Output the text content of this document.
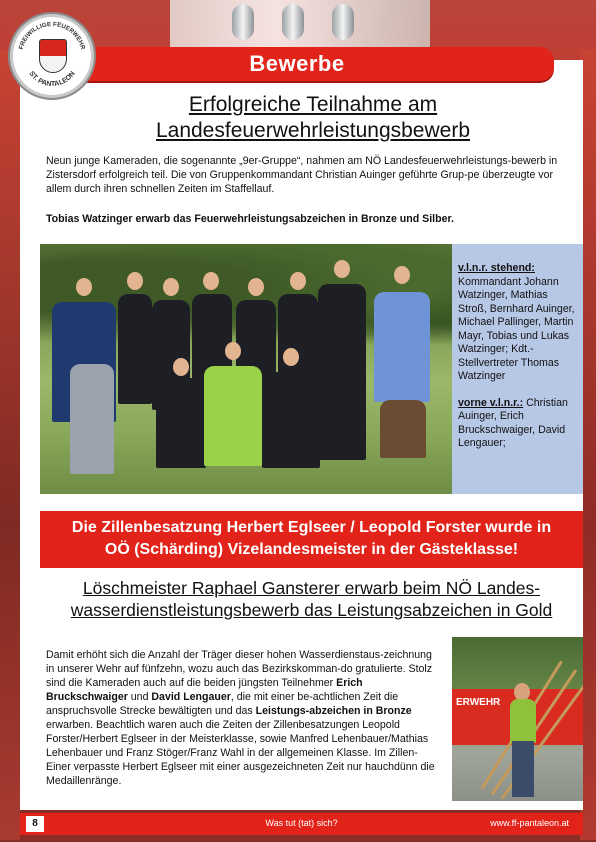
Bewerbe
FREIWILLIGE FEUERWEHR
ST. PANTALEON
Erfolgreiche Teilnahme am
Landesfeuerwehrleistungsbewerb

Neun junge Kameraden, die sogenannte „9er-Gruppe“, nahmen am NÖ Landesfeuerwehrleistungs-bewerb in Zistersdorf erfolgreich teil. Die von Gruppenkommandant Christian Auinger geführte Grup-pe überzeugte vor allem durch ihren schnellen Zeiten im Staffellauf.

Tobias Watzinger erwarb das Feuerwehrleistungsabzeichen in Bronze und Silber.

v.l.n.r. stehend: Kommandant Johann Watzinger, Mathias Stroß, Bernhard Auinger, Michael Pallinger, Martin Mayr, Tobias und Lukas Watzinger; Kdt.-Stellvertreter Thomas Watzinger
vorne v.l.n.r.: Christian Auinger, Erich Bruckschwaiger, David Lengauer;
Die Zillenbesatzung Herbert Eglseer / Leopold Forster wurde in
OÖ (Schärding) Vizelandesmeister in der Gästeklasse!
Löschmeister Raphael Gansterer erwarb beim NÖ Landes-
wasserdienstleistungsbewerb das Leistungsabzeichen in Gold

Damit erhöht sich die Anzahl der Träger dieser hohen Wasserdienstaus-zeichnung in unserer Wehr auf fünfzehn, wozu auch das Bezirkskomman-do gratulierte. Stolz sind die Kameraden auch auf die beiden jüngsten Teilnehmer Erich Bruckschwaiger und David Lengauer, die mit einer be-achtlichen Zeit die anspruchsvolle Strecke bewältigten und das Leistungs-abzeichen in Bronze erwarben. Beachtlich waren auch die Zeiten der Zillenbesatzungen Leopold Forster/Herbert Eglseer in der Meisterklasse, sowie Manfred Lehenbauer/Mathias Lehenbauer und Franz Stöger/Franz Wahl in der allgemeinen Klasse. Im Zillen-Einer verpasste Herbert Eglseer mit einer ausgezeichneten Zeit nur hauchdünn die Medaillenränge.

ERWEHR
8	Was tut (tat) sich?	www.ff-pantaleon.at
